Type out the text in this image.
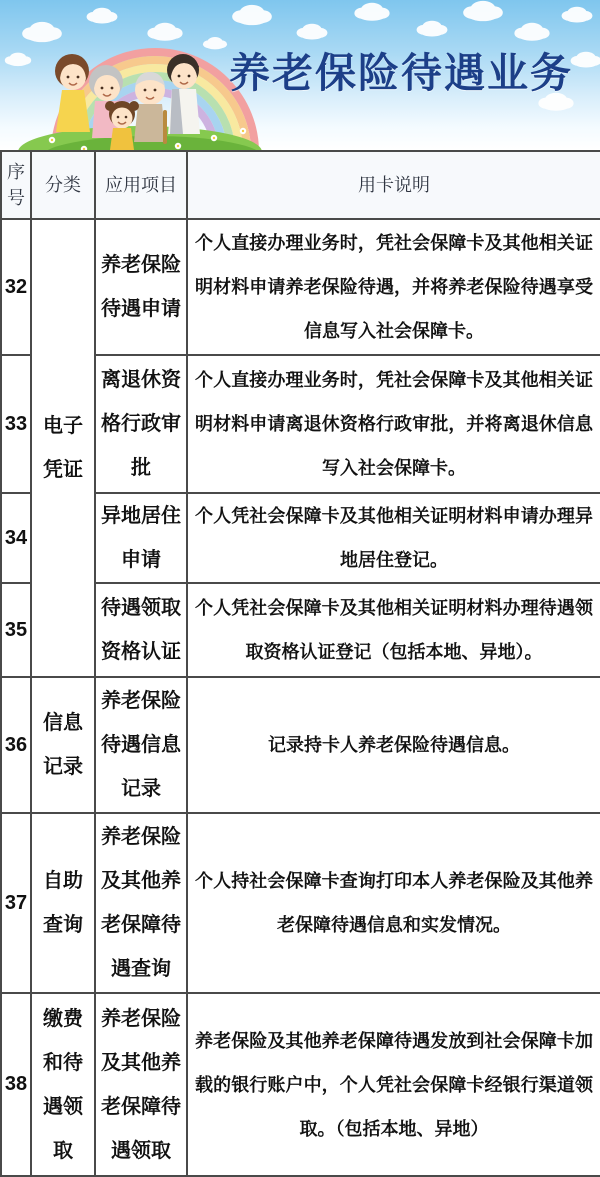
养老保险待遇业务
序号	分类	应用项目	用卡说明
32	电子凭证	养老保险待遇申请	个人直接办理业务时，凭社会保障卡及其他相关证明材料申请养老保险待遇，并将养老保险待遇享受信息写入社会保障卡。
33		离退休资格行政审批	个人直接办理业务时，凭社会保障卡及其他相关证明材料申请离退休资格行政审批，并将离退休信息写入社会保障卡。
34		异地居住申请	个人凭社会保障卡及其他相关证明材料申请办理异地居住登记。
35		待遇领取资格认证	个人凭社会保障卡及其他相关证明材料办理待遇领取资格认证登记（包括本地、异地）。
36	信息记录	养老保险待遇信息记录	记录持卡人养老保险待遇信息。
37	自助查询	养老保险及其他养老保障待遇查询	个人持社会保障卡查询打印本人养老保险及其他养老保障待遇信息和实发情况。
38	缴费和待遇领取	养老保险及其他养老保障待遇领取	养老保险及其他养老保障待遇发放到社会保障卡加载的银行账户中，个人凭社会保障卡经银行渠道领取。（包括本地、异地）
